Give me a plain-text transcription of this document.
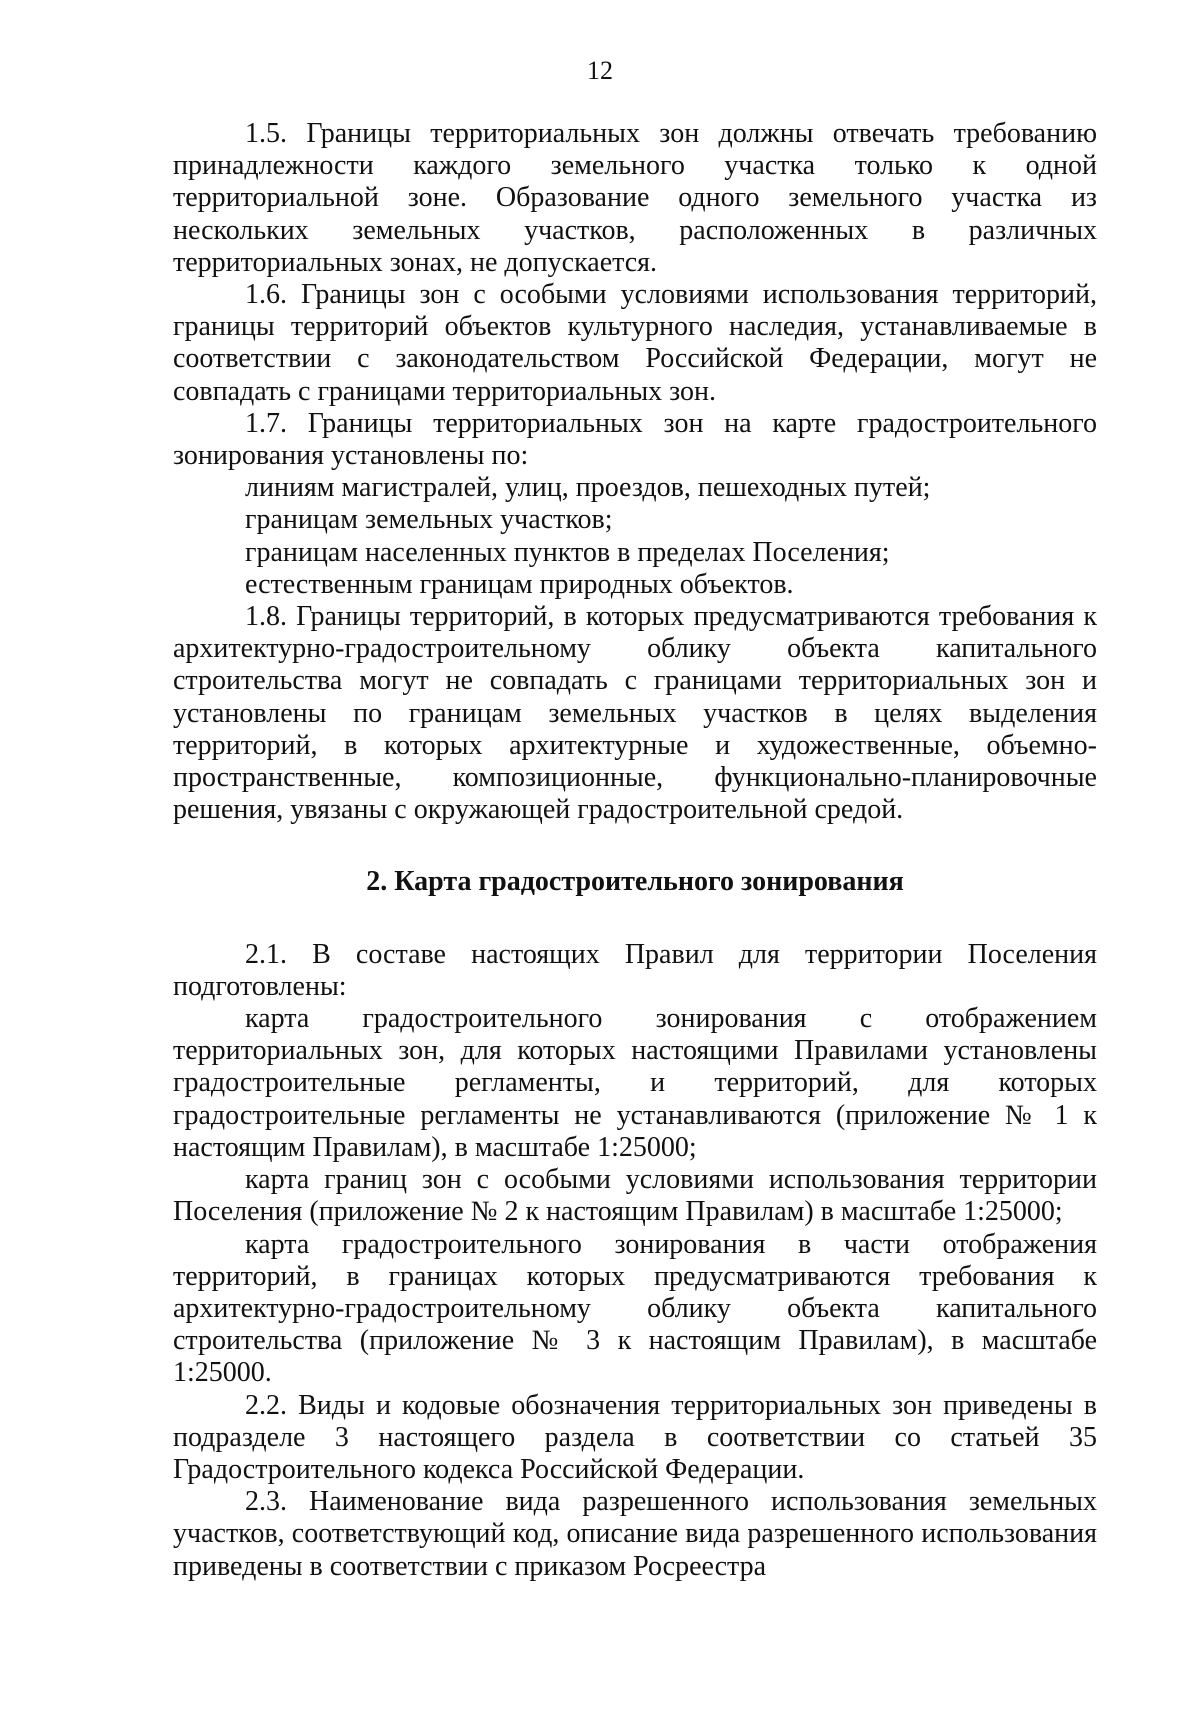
12

1.5. Границы территориальных зон должны отвечать требованию принадлежности каждого земельного участка только к одной территориальной зоне. Образование одного земельного участка из нескольких земельных участков, расположенных в различных территориальных зонах, не допускается.

1.6. Границы зон с особыми условиями использования территорий, границы территорий объектов культурного наследия, устанавливаемые в соответствии с законодательством Российской Федерации, могут не совпадать с границами территориальных зон.

1.7. Границы территориальных зон на карте градостроительного зонирования установлены по:

линиям магистралей, улиц, проездов, пешеходных путей;

границам земельных участков;

границам населенных пунктов в пределах Поселения;

естественным границам природных объектов.

1.8. Границы территорий, в которых предусматриваются требования к архитектурно-градостроительному облику объекта капитального строительства могут не совпадать с границами территориальных зон и установлены по границам земельных участков в целях выделения территорий, в которых архитектурные и художественные, объемно-пространственные, композиционные, функционально-планировочные решения, увязаны с окружающей градостроительной средой.

2. Карта градостроительного зонирования

2.1. В составе настоящих Правил для территории Поселения подготовлены:

карта градостроительного зонирования с отображением территориальных зон, для которых настоящими Правилами установлены градостроительные регламенты, и территорий, для которых градостроительные регламенты не устанавливаются (приложение № 1 к настоящим Правилам), в масштабе 1:25000;

карта границ зон с особыми условиями использования территории Поселения (приложение № 2 к настоящим Правилам) в масштабе 1:25000;

карта градостроительного зонирования в части отображения территорий, в границах которых предусматриваются требования к архитектурно-градостроительному облику объекта капитального строительства (приложение № 3 к настоящим Правилам), в масштабе 1:25000.

2.2. Виды и кодовые обозначения территориальных зон приведены в подразделе 3 настоящего раздела в соответствии со статьей 35 Градостроительного кодекса Российской Федерации.

2.3. Наименование вида разрешенного использования земельных участков, соответствующий код, описание вида разрешенного использования приведены в соответствии с приказом Росреестра
